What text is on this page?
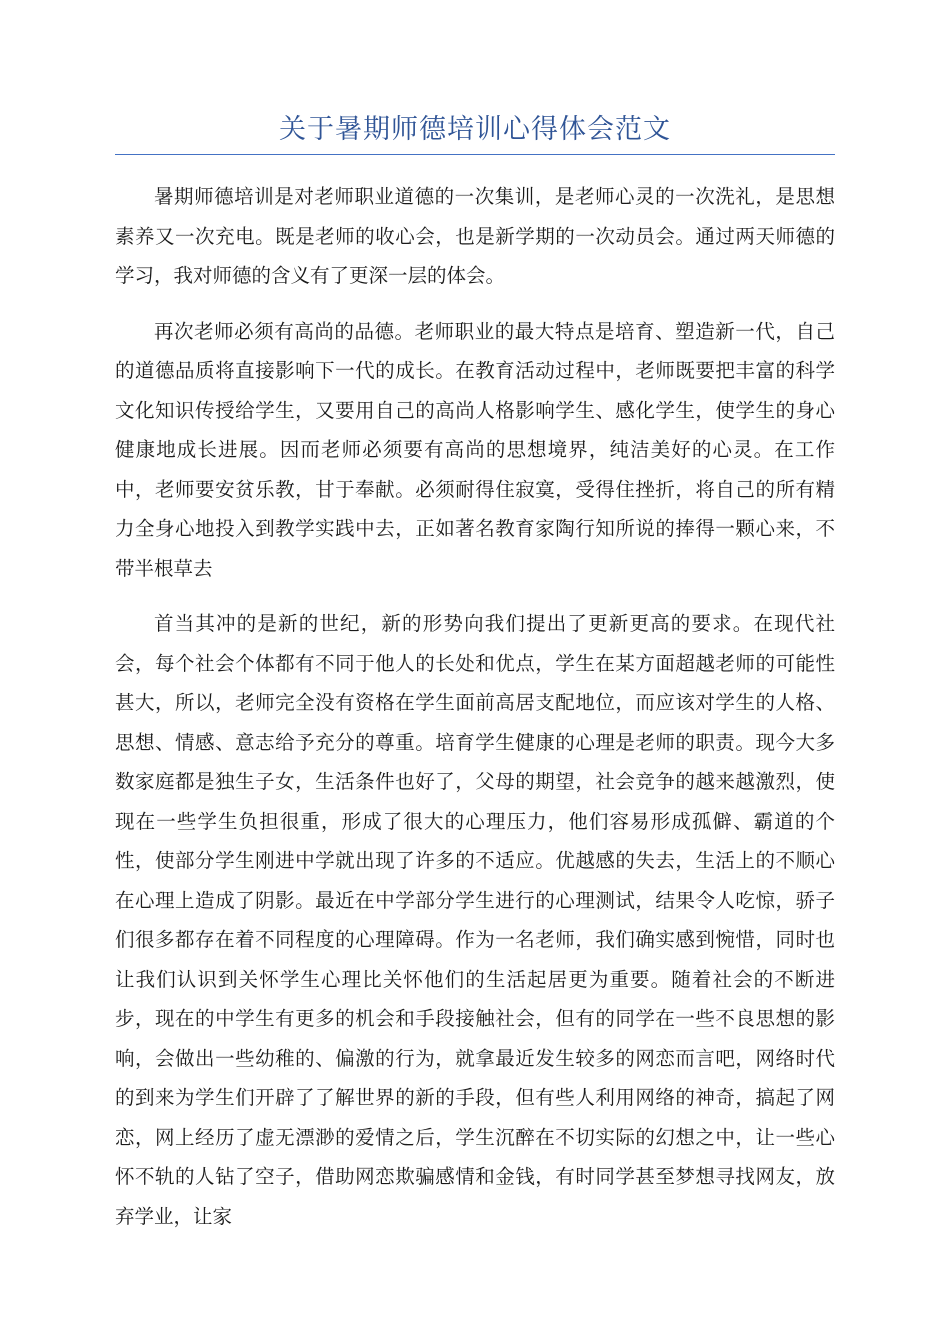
关于暑期师德培训心得体会范文

暑期师德培训是对老师职业道德的一次集训，是老师心灵的一次洗礼，是思想素养又一次充电。既是老师的收心会，也是新学期的一次动员会。通过两天师德的学习，我对师德的含义有了更深一层的体会。

再次老师必须有高尚的品德。老师职业的最大特点是培育、塑造新一代，自己的道德品质将直接影响下一代的成长。在教育活动过程中，老师既要把丰富的科学文化知识传授给学生，又要用自己的高尚人格影响学生、感化学生，使学生的身心健康地成长进展。因而老师必须要有高尚的思想境界，纯洁美好的心灵。在工作中，老师要安贫乐教，甘于奉献。必须耐得住寂寞，受得住挫折，将自己的所有精力全身心地投入到教学实践中去，正如著名教育家陶行知所说的捧得一颗心来，不带半根草去

首当其冲的是新的世纪，新的形势向我们提出了更新更高的要求。在现代社会，每个社会个体都有不同于他人的长处和优点，学生在某方面超越老师的可能性甚大，所以，老师完全没有资格在学生面前高居支配地位，而应该对学生的人格、思想、情感、意志给予充分的尊重。培育学生健康的心理是老师的职责。现今大多数家庭都是独生子女，生活条件也好了，父母的期望，社会竞争的越来越激烈，使现在一些学生负担很重，形成了很大的心理压力，他们容易形成孤僻、霸道的个性，使部分学生刚进中学就出现了许多的不适应。优越感的失去，生活上的不顺心在心理上造成了阴影。最近在中学部分学生进行的心理测试，结果令人吃惊，骄子们很多都存在着不同程度的心理障碍。作为一名老师，我们确实感到惋惜，同时也让我们认识到关怀学生心理比关怀他们的生活起居更为重要。随着社会的不断进步，现在的中学生有更多的机会和手段接触社会，但有的同学在一些不良思想的影响，会做出一些幼稚的、偏激的行为，就拿最近发生较多的网恋而言吧，网络时代的到来为学生们开辟了了解世界的新的手段，但有些人利用网络的神奇，搞起了网恋，网上经历了虚无漂渺的爱情之后，学生沉醉在不切实际的幻想之中，让一些心怀不轨的人钻了空子，借助网恋欺骗感情和金钱，有时同学甚至梦想寻找网友，放弃学业，让家
